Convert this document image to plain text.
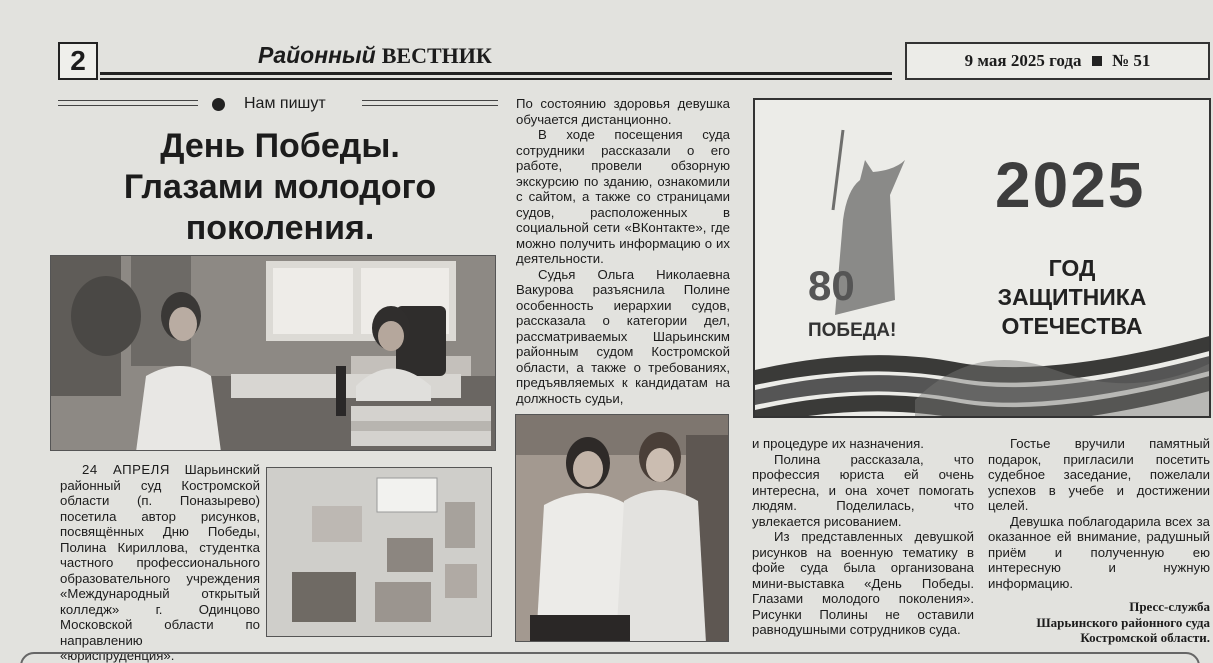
2	Районный ВЕСТНИК	9 мая 2025 года № 51
Нам пишут
День Победы.
Глазами молодого
поколения.

24 АПРЕЛЯ Шарьинский районный суд Костромской области (п. Поназырево) посетила автор рисунков, посвящённых Дню Победы, Полина Кириллова, студентка частного профессионального образовательного учреждения «Международный открытый колледж» г. Одинцово Московской области по направлению «юриспруденция».

По состоянию здоровья девушка обучается дистанционно.

В ходе посещения суда сотрудники рассказали о его работе, провели обзорную экскурсию по зданию, ознакомили с сайтом, а также со страницами судов, расположенных в социальной сети «ВКонтакте», где можно получить информацию о их деятельности.

Судья Ольга Николаевна Вакурова разъяснила Полине особенность иерархии судов, рассказала о категории дел, рассматриваемых Шарьинским районным судом Костромской области, а также о требованиях, предъявляемых к кандидатам на должность судьи,

и процедуре их назначения.

Полина рассказала, что профессия юриста ей очень интересна, и она хочет помогать людям. Поделилась, что увлекается рисованием.

Из представленных девушкой рисунков на военную тематику в фойе суда была организована мини-выставка «День Победы. Глазами молодого поколения». Рисунки Полины не оставили равнодушными сотрудников суда.

Гостье вручили памятный подарок, пригласили посетить судебное заседание, пожелали успехов в учебе и достижении целей.

Девушка поблагодарила всех за оказанное ей внимание, радушный приём и полученную ею интересную и нужную информацию.

Пресс-служба
Шарьинского районного суда
Костромской области.
80
ПОБЕДА!
2025
ГОД
ЗАЩИТНИКА
ОТЕЧЕСТВА
